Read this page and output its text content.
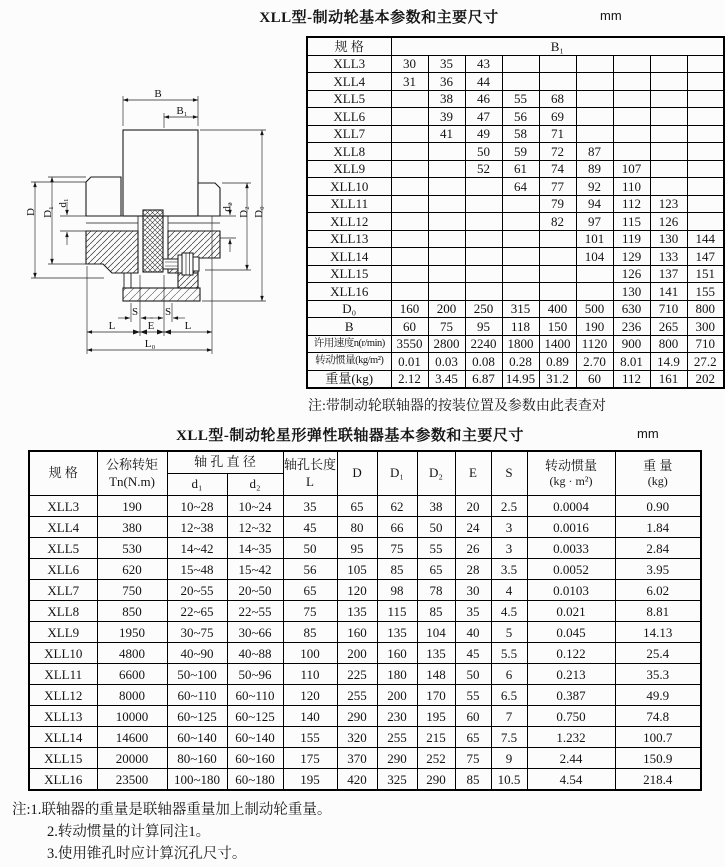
XLL型-制动轮基本参数和主要尺寸	mm
B
B₁
D D₁
d₁	d₂ D₂ D₀
S S
L	E	L
L₀
规 格	B₁								
XLL3	30	35	43						
XLL4	31	36	44						
XLL5		38	46	55	68				
XLL6		39	47	56	69				
XLL7		41	49	58	71				
XLL8			50	59	72	87			
XLL9			52	61	74	89	107		
XLL10				64	77	92	110		
XLL11					79	94	112	123	
XLL12					82	97	115	126	
XLL13						101	119	130	144
XLL14						104	129	133	147
XLL15							126	137	151
XLL16							130	141	155
D₀	160	200	250	315	400	500	630	710	800
B	60	75	95	118	150	190	236	265	300
许用速度n(r/min)	3550	2800	2240	1800	1400	1120	900	800	710
转动惯量(kg/m²)	0.01	0.03	0.08	0.28	0.89	2.70	8.01	14.9	27.2
重量(kg)	2.12	3.45	6.87	14.95	31.2	60	112	161	202
注:带制动轮联轴器的按装位置及参数由此表查对
XLL型-制动轮星形弹性联轴器基本参数和主要尺寸	mm
规 格	
公称转矩
Tn(N.m)
	轴 孔 直 径	轴孔长度
L
	D	D₁	D₂	E	S	转动惯量
(kg · m²)

重 量
(kg)

		d₁	d₂								
XLL3	190	10~28	10~24	35	65	62	38	20	2.5	0.0004	0.90
XLL4	380	12~38	12~32	45	80	66	50	24	3	0.0016	1.84
XLL5	530	14~42	14~35	50	95	75	55	26	3	0.0033	2.84
XLL6	620	15~48	15~42	56	105	85	65	28	3.5	0.0052	3.95
XLL7	750	20~55	20~50	65	120	98	78	30	4	0.0103	6.02
XLL8	850	22~65	22~55	75	135	115	85	35	4.5	0.021	8.81
XLL9	1950	30~75	30~66	85	160	135	104	40	5	0.045	14.13
XLL10	4800	40~90	40~88	100	200	160	135	45	5.5	0.122	25.4
XLL11	6600	50~100	50~96	110	225	180	148	50	6	0.213	35.3
XLL12	8000	60~110	60~110	120	255	200	170	55	6.5	0.387	49.9
XLL13	10000	60~125	60~125	140	290	230	195	60	7	0.750	74.8
XLL14	14600	60~140	60~140	155	320	255	215	65	7.5	1.232	100.7
XLL15	20000	80~160	60~160	175	370	290	252	75	9	2.44	150.9
XLL16	23500	100~180	60~180	195	420	325	290	85	10.5	4.54	218.4
注:1.联轴器的重量是联轴器重量加上制动轮重量。
2.转动惯量的计算同注1。
3.使用锥孔时应计算沉孔尺寸。
